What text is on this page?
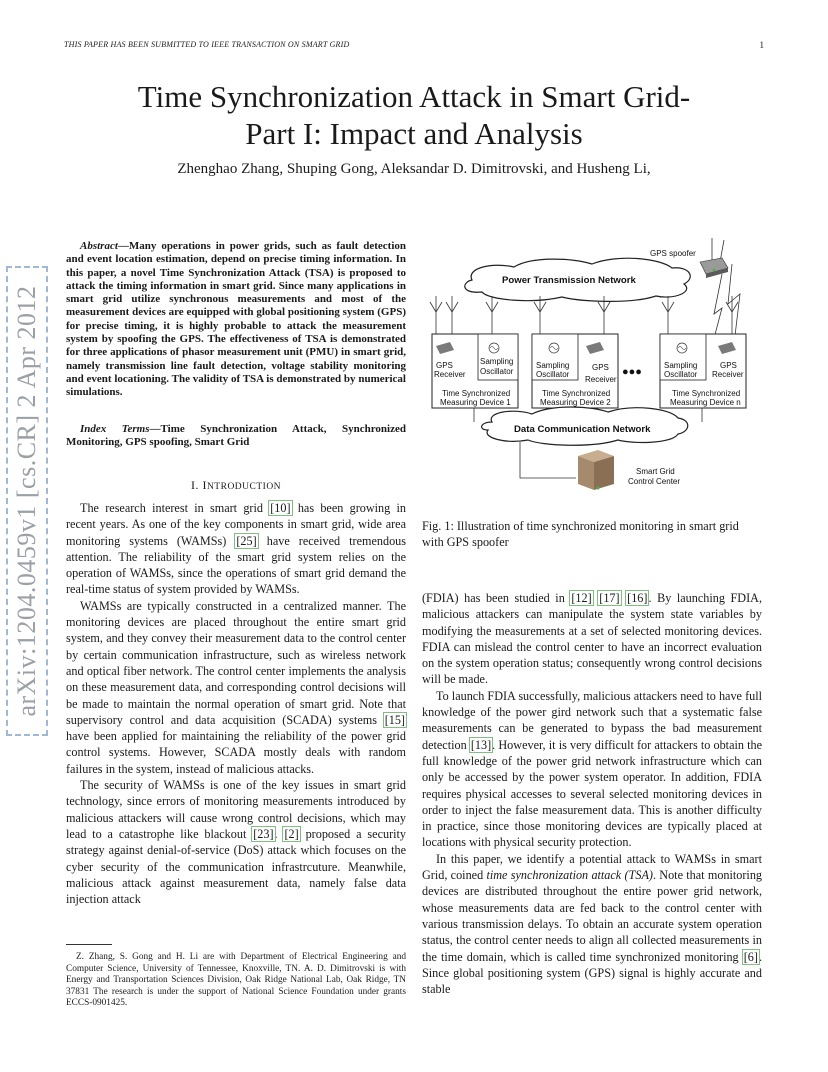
THIS PAPER HAS BEEN SUBMITTED TO IEEE TRANSACTION ON SMART GRID	1
Time Synchronization Attack in Smart Grid-
Part I: Impact and Analysis
Zhenghao Zhang, Shuping Gong, Aleksandar D. Dimitrovski, and Husheng Li,
arXiv:1204.0459v1 [cs.CR] 2 Apr 2012
Abstract—Many operations in power grids, such as fault detection and event location estimation, depend on precise timing information. In this paper, a novel Time Synchronization Attack (TSA) is proposed to attack the timing information in smart grid. Since many applications in smart grid utilize synchronous measurements and most of the measurement devices are equipped with global positioning system (GPS) for precise timing, it is highly probable to attack the measurement system by spoofing the GPS. The effectiveness of TSA is demonstrated for three applications of phasor measurement unit (PMU) in smart grid, namely transmission line fault detection, voltage stability monitoring and event locationing. The validity of TSA is demonstrated by numerical simulations.
Index Terms—Time Synchronization Attack, Synchronized Monitoring, GPS spoofing, Smart Grid
I. INTRODUCTION

The research interest in smart grid [10] has been growing in recent years. As one of the key components in smart grid, wide area monitoring systems (WAMSs) [25] have received tremendous attention. The reliability of the smart grid system relies on the operation of WAMSs, since the operations of smart grid demand the real-time status of system provided by WAMSs.

WAMSs are typically constructed in a centralized manner. The monitoring devices are placed throughout the entire smart grid system, and they convey their measurement data to the control center by certain communication infrastructure, such as wireless network and optical fiber network. The control center implements the analysis on these measurement data, and corresponding control decisions will be made to maintain the normal operation of smart grid. Note that supervisory control and data acquisition (SCADA) systems [15] have been applied for maintaining the reliability of the power grid control systems. However, SCADA mostly deals with random failures in the system, instead of malicious attacks.

The security of WAMSs is one of the key issues in smart grid technology, since errors of monitoring measurements introduced by malicious attackers will cause wrong control decisions, which may lead to a catastrophe like blackout [23]. [2] proposed a security strategy against denial-of-service (DoS) attack which focuses on the cyber security of the communication infrastrcuture. Meanwhile, malicious attack against measurement data, namely false data injection attack

Z. Zhang, S. Gong and H. Li are with Department of Electrical Engineering and Computer Science, University of Tennessee, Knoxville, TN. A. D. Dimitrovski is with Energy and Transportation Sciences Division, Oak Ridge National Lab, Oak Ridge, TN 37831 The research is under the support of National Science Foundation under grants ECCS-0901425.
GPS spoofer
Power Transmission Network
GPS
Receiver
Sampling
Oscillator
Time Synchronized
Measuring Device 1
Sampling
Oscillator
GPS
Receiver
Time Synchronized
Measuring Device 2
●●●
Sampling
Oscillator
GPS
Receiver
Time Synchronized
Measuring Device n
Data Communication Network
Smart Grid
Control Center
Fig. 1: Illustration of time synchronized monitoring in smart grid with GPS spoofer

(FDIA) has been studied in [12] [17] [16]. By launching FDIA, malicious attackers can manipulate the system state variables by modifying the measurements at a set of selected monitoring devices. FDIA can mislead the control center to have an incorrect evaluation on the system operation status; consequently wrong control decisions will be made.

To launch FDIA successfully, malicious attackers need to have full knowledge of the power gird network such that a systematic false measurements can be generated to bypass the bad measurement detection [13]. However, it is very difficult for attackers to obtain the full knowledge of the power grid network infrastructure which can only be accessed by the power system operator. In addition, FDIA requires physical accesses to several selected monitoring devices in order to inject the false measurement data. This is another difficulty in practice, since those monitoring devices are typically placed at locations with physical security protection.

In this paper, we identify a potential attack to WAMSs in smart Grid, coined time synchronization attack (TSA). Note that monitoring devices are distributed throughout the entire power grid network, whose measurements data are fed back to the control center with various transmission delays. To obtain an accurate system operation status, the control center needs to align all collected measurements in the time domain, which is called time synchronized monitoring [6]. Since global positioning system (GPS) signal is highly accurate and stable
